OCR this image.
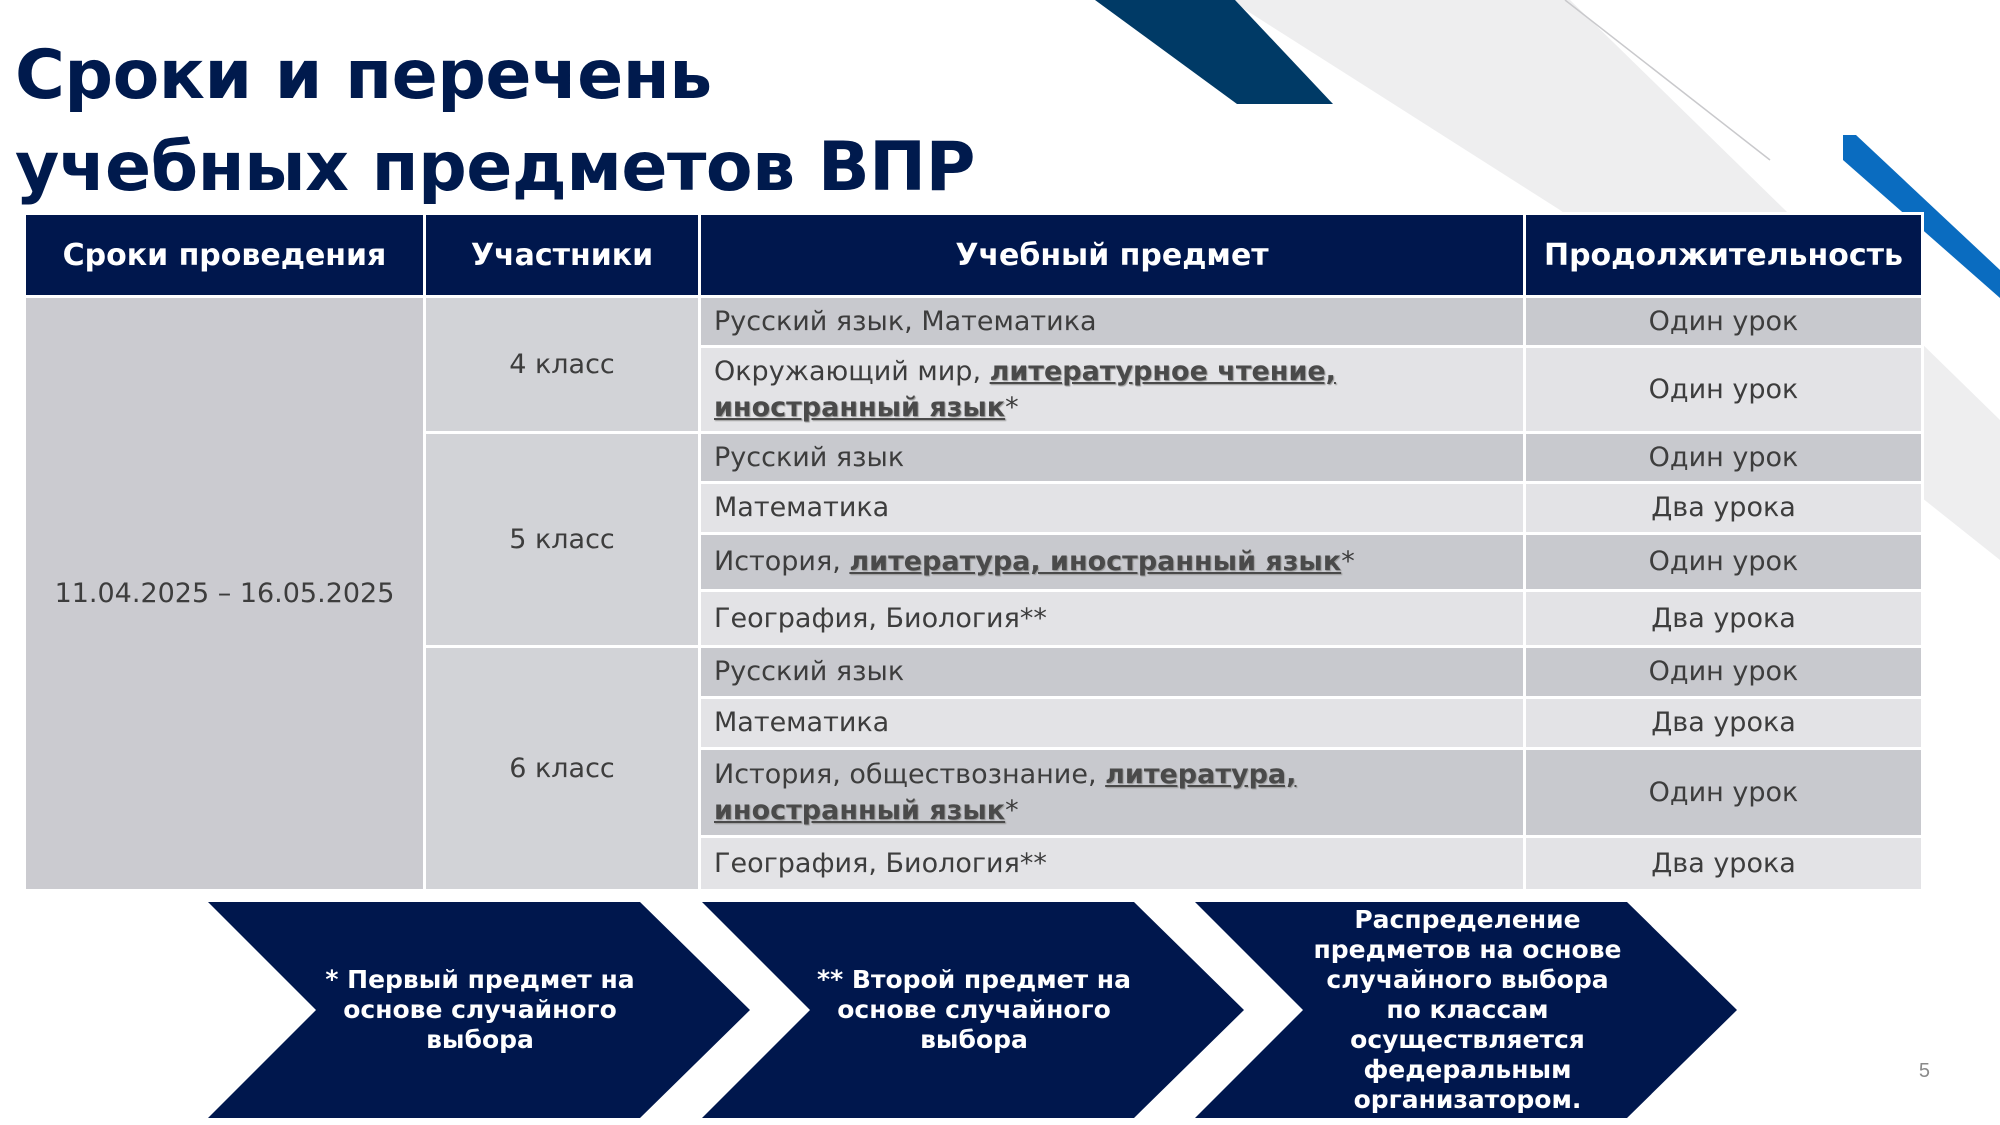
Сроки и перечень учебных предметов ВПР
Сроки проведения	Участники	Учебный предмет	Продолжительность
11.04.2025 – 16.05.2025	4 класс	Русский язык, Математика	Один урок
		Окружающий мир, литературное чтение, иностранный язык*	Один урок
	5 класс	Русский язык	Один урок
		Математика	Два урока
		История, литература, иностранный язык*	Один урок
		География, Биология**	Два урока
	6 класс	Русский язык	Один урок
		Математика	Два урока
		История, обществознание, литература, иностранный язык*	Один урок
		География, Биология**	Два урока
* Первый предмет на основе случайного выбора
** Второй предмет на основе случайного выбора
Распределение предметов на основе случайного выбора по классам осуществляется федеральным организатором.
5
